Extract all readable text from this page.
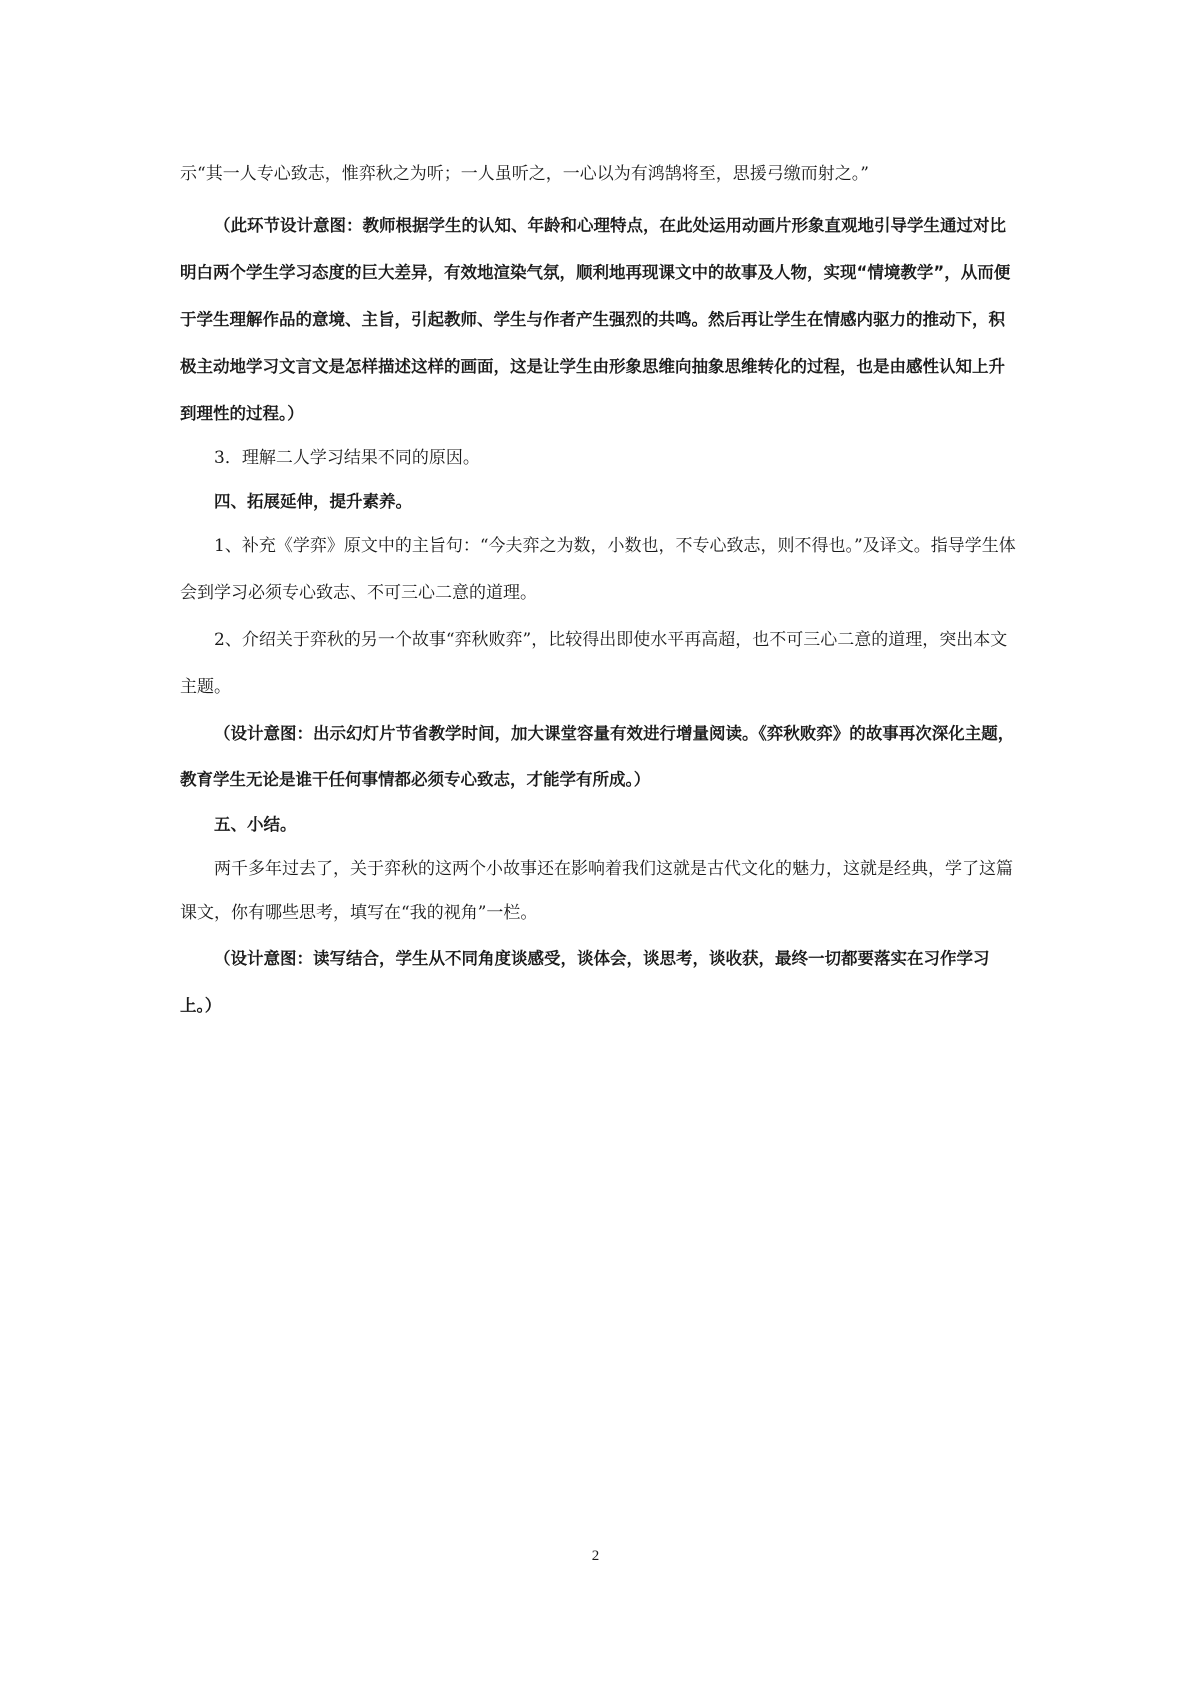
示“其一人专心致志，惟弈秋之为听；一人虽听之，一心以为有鸿鹄将至，思援弓缴而射之。”

（此环节设计意图：教师根据学生的认知、年龄和心理特点，在此处运用动画片形象直观地引导学生通过对比明白两个学生学习态度的巨大差异，有效地渲染气氛，顺利地再现课文中的故事及人物，实现“情境教学”，从而便于学生理解作品的意境、主旨，引起教师、学生与作者产生强烈的共鸣。然后再让学生在情感内驱力的推动下，积极主动地学习文言文是怎样描述这样的画面，这是让学生由形象思维向抽象思维转化的过程，也是由感性认知上升到理性的过程。）

3．理解二人学习结果不同的原因。

四、拓展延伸，提升素养。

1、补充《学弈》原文中的主旨句：“今夫弈之为数，小数也，不专心致志，则不得也。”及译文。指导学生体会到学习必须专心致志、不可三心二意的道理。

2、介绍关于弈秋的另一个故事“弈秋败弈”，比较得出即使水平再高超，也不可三心二意的道理，突出本文主题。

（设计意图：出示幻灯片节省教学时间，加大课堂容量有效进行增量阅读。《弈秋败弈》的故事再次深化主题，教育学生无论是谁干任何事情都必须专心致志，才能学有所成。）

五、小结。

两千多年过去了，关于弈秋的这两个小故事还在影响着我们这就是古代文化的魅力，这就是经典，学了这篇课文，你有哪些思考，填写在“我的视角”一栏。

（设计意图：读写结合，学生从不同角度谈感受，谈体会，谈思考，谈收获，最终一切都要落实在习作学习上。）

2
